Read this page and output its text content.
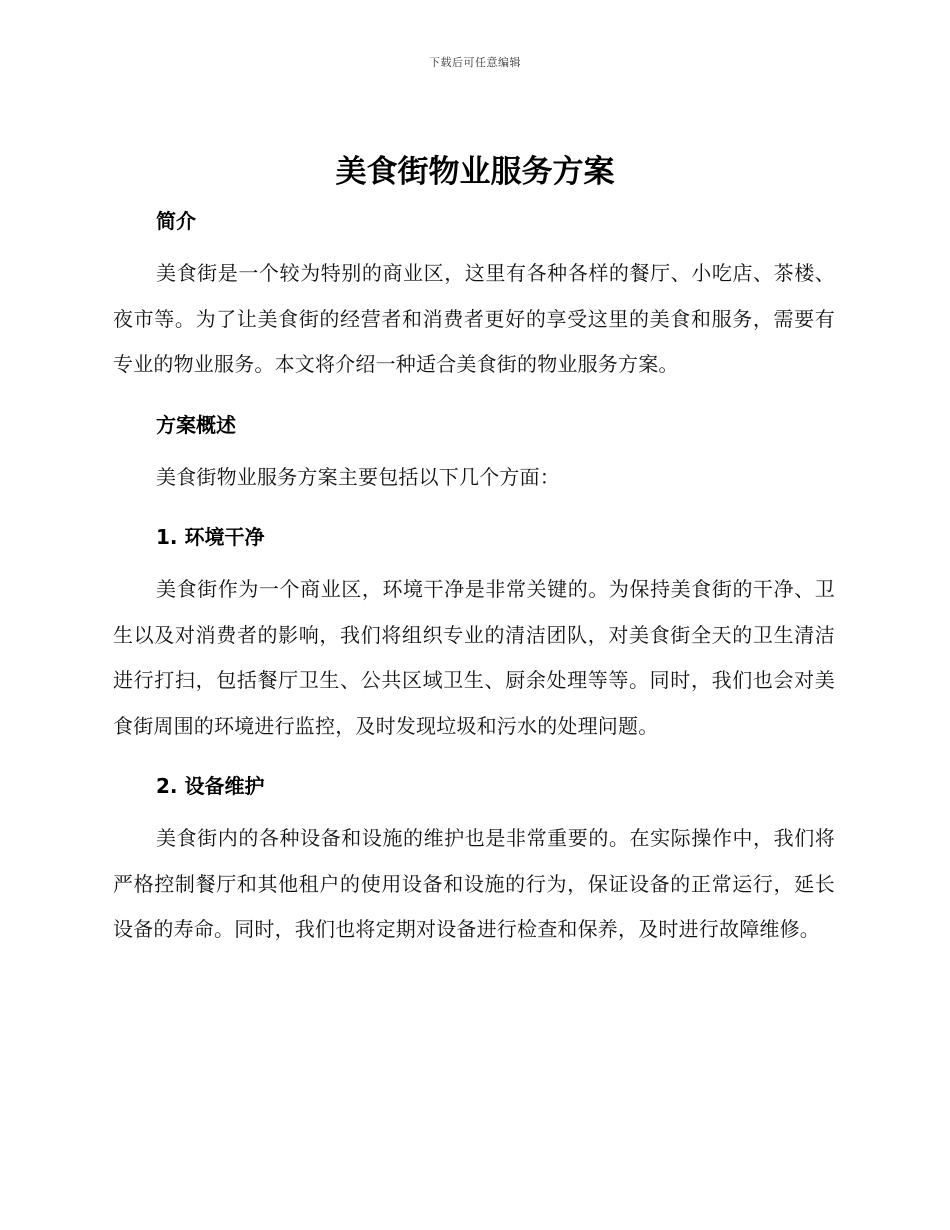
下载后可任意编辑
美食街物业服务方案
简介

美食街是一个较为特别的商业区，这里有各种各样的餐厅、小吃店、茶楼、夜市等。为了让美食街的经营者和消费者更好的享受这里的美食和服务，需要有专业的物业服务。本文将介绍一种适合美食街的物业服务方案。

方案概述

美食街物业服务方案主要包括以下几个方面：

1. 环境干净

美食街作为一个商业区，环境干净是非常关键的。为保持美食街的干净、卫生以及对消费者的影响，我们将组织专业的清洁团队，对美食街全天的卫生清洁进行打扫，包括餐厅卫生、公共区域卫生、厨余处理等等。同时，我们也会对美食街周围的环境进行监控，及时发现垃圾和污水的处理问题。

2. 设备维护

美食街内的各种设备和设施的维护也是非常重要的。在实际操作中，我们将严格控制餐厅和其他租户的使用设备和设施的行为，保证设备的正常运行，延长设备的寿命。同时，我们也将定期对设备进行检查和保养，及时进行故障维修。
